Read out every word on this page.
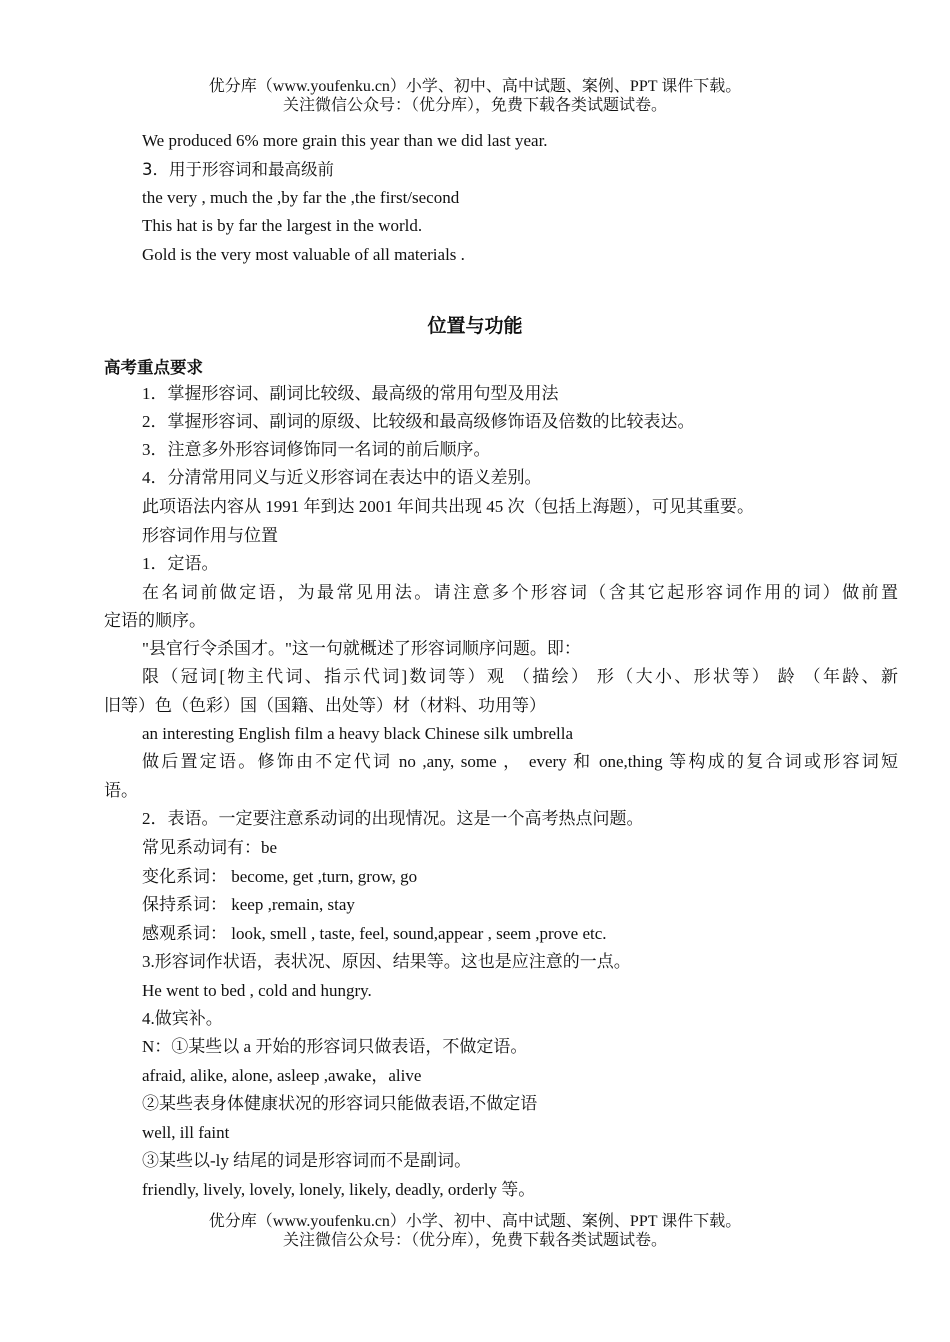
优分库（www.youfenku.cn）小学、初中、高中试题、案例、PPT 课件下载。
关注微信公众号：（优分库），免费下载各类试题试卷。
We produced 6% more grain this year than we did last year.
3．用于形容词和最高级前
the very , much the ,by far the ,the first/second
This hat is by far the largest in the world.
Gold is the very most valuable of all materials .
位置与功能
高考重点要求
1．掌握形容词、副词比较级、最高级的常用句型及用法
2．掌握形容词、副词的原级、比较级和最高级修饰语及倍数的比较表达。
3．注意多外形容词修饰同一名词的前后顺序。
4．分清常用同义与近义形容词在表达中的语义差别。
此项语法内容从 1991 年到达 2001 年间共出现 45 次（包括上海题），可见其重要。
形容词作用与位置
1．定语。
在名词前做定语，为最常见用法。请注意多个形容词（含其它起形容词作用的词）做前置
定语的顺序。
"县官行令杀国才。"这一句就概述了形容词顺序问题。即：
限（冠词[物主代词、指示代词]数词等）观 （描绘） 形（大小、形状等） 龄 （年龄、新
旧等）色（色彩）国（国籍、出处等）材（材料、功用等）
an interesting English film a heavy black Chinese silk umbrella
做后置定语。修饰由不定代词 no ,any, some ， every 和 one,thing 等构成的复合词或形容词短
语。
2．表语。一定要注意系动词的出现情况。这是一个高考热点问题。
常见系动词有：be
变化系词： become, get ,turn, grow, go
保持系词： keep ,remain, stay
感观系词： look, smell , taste, feel, sound,appear , seem ,prove etc.
3.形容词作状语，表状况、原因、结果等。这也是应注意的一点。
He went to bed , cold and hungry.
4.做宾补。
N：①某些以 a 开始的形容词只做表语，不做定语。
afraid, alike, alone, asleep ,awake，alive
②某些表身体健康状况的形容词只能做表语,不做定语
well, ill faint
③某些以-ly 结尾的词是形容词而不是副词。
friendly, lively, lovely, lonely, likely, deadly, orderly 等。
优分库（www.youfenku.cn）小学、初中、高中试题、案例、PPT 课件下载。
关注微信公众号：（优分库），免费下载各类试题试卷。
